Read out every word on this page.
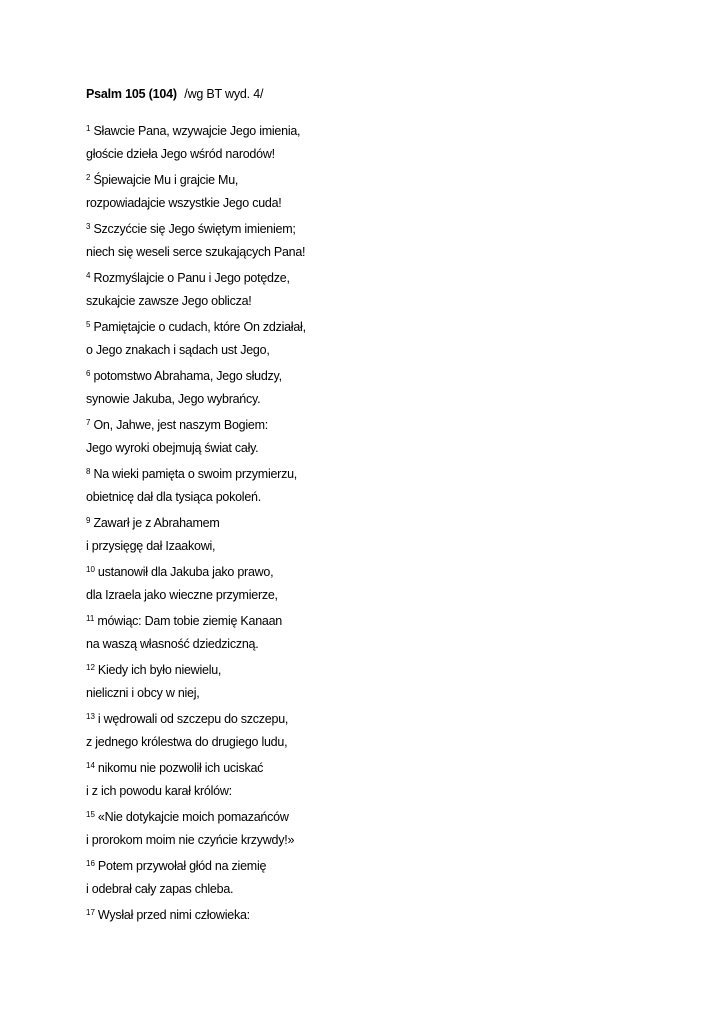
Psalm 105 (104) /wg BT wyd. 4/
$^1$ Sławcie Pana, wzywajcie Jego imienia,
głoście dzieła Jego wśród narodów!
$^2$ Śpiewajcie Mu i grajcie Mu,
rozpowiadajcie wszystkie Jego cuda!
$^3$ Szczyćcie się Jego świętym imieniem;
niech się weseli serce szukających Pana!
$^4$ Rozmyślajcie o Panu i Jego potędze,
szukajcie zawsze Jego oblicza!
$^5$ Pamiętajcie o cudach, które On zdziałał,
o Jego znakach i sądach ust Jego,
$^6$ potomstwo Abrahama, Jego słudzy,
synowie Jakuba, Jego wybrańcy.
$^7$ On, Jahwe, jest naszym Bogiem:
Jego wyroki obejmują świat cały.
$^8$ Na wieki pamięta o swoim przymierzu,
obietnicę dał dla tysiąca pokoleń.
$^9$ Zawarł je z Abrahamem
i przysięgę dał Izaakowi,
$^{10}$ ustanowił dla Jakuba jako prawo,
dla Izraela jako wieczne przymierze,
$^{11}$ mówiąc: Dam tobie ziemię Kanaan
na waszą własność dziedziczną.
$^{12}$ Kiedy ich było niewielu,
nieliczni i obcy w niej,
$^{13}$ i wędrowali od szczepu do szczepu,
z jednego królestwa do drugiego ludu,
$^{14}$ nikomu nie pozwolił ich uciskać
i z ich powodu karał królów:
$^{15}$ «Nie dotykajcie moich pomazańców
i prorokom moim nie czyńcie krzywdy!»
$^{16}$ Potem przywołał głód na ziemię
i odebrał cały zapas chleba.
$^{17}$ Wysłał przed nimi człowieka:
